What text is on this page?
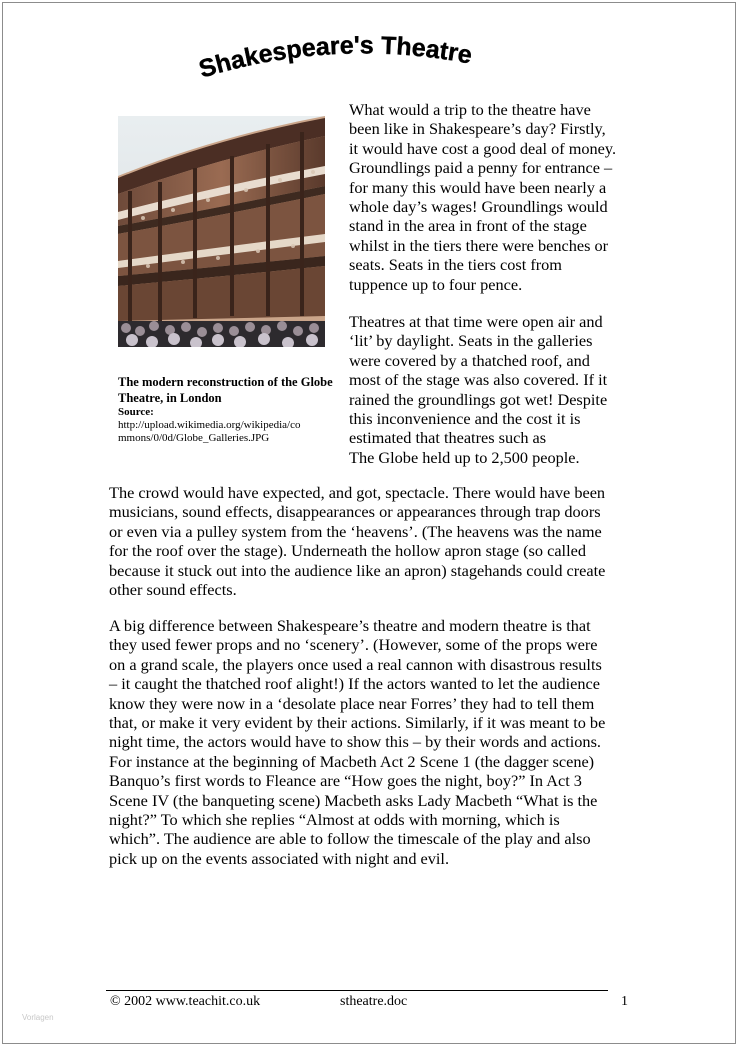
Shakespeare's Theatre
The modern reconstruction of the Globe Theatre, in London
Source:
http://upload.wikimedia.org/wikipedia/commons/0/0d/Globe_Galleries.JPG
What would a trip to the theatre have
been like in Shakespeare’s day? Firstly,
it would have cost a good deal of money.
Groundlings paid a penny for entrance –
for many this would have been nearly a
whole day’s wages! Groundlings would
stand in the area in front of the stage
whilst in the tiers there were benches or
seats. Seats in the tiers cost from
tuppence up to four pence.
Theatres at that time were open air and
‘lit’ by daylight. Seats in the galleries
were covered by a thatched roof, and
most of the stage was also covered. If it
rained the groundlings got wet! Despite
this inconvenience and the cost it is
estimated that theatres such as
The Globe held up to 2,500 people.
The crowd would have expected, and got, spectacle. There would have been
musicians, sound effects, disappearances or appearances through trap doors
or even via a pulley system from the ‘heavens’. (The heavens was the name
for the roof over the stage). Underneath the hollow apron stage (so called
because it stuck out into the audience like an apron) stagehands could create
other sound effects.
A big difference between Shakespeare’s theatre and modern theatre is that
they used fewer props and no ‘scenery’. (However, some of the props were
on a grand scale, the players once used a real cannon with disastrous results
– it caught the thatched roof alight!) If the actors wanted to let the audience
know they were now in a ‘desolate place near Forres’ they had to tell them
that, or make it very evident by their actions. Similarly, if it was meant to be
night time, the actors would have to show this – by their words and actions.
For instance at the beginning of Macbeth Act 2 Scene 1 (the dagger scene)
Banquo’s first words to Fleance are “How goes the night, boy?” In Act 3
Scene IV (the banqueting scene) Macbeth asks Lady Macbeth “What is the
night?” To which she replies “Almost at odds with morning, which is
which”. The audience are able to follow the timescale of the play and also
pick up on the events associated with night and evil.
© 2002 www.teachit.co.uk	stheatre.doc	1
Vorlagen
